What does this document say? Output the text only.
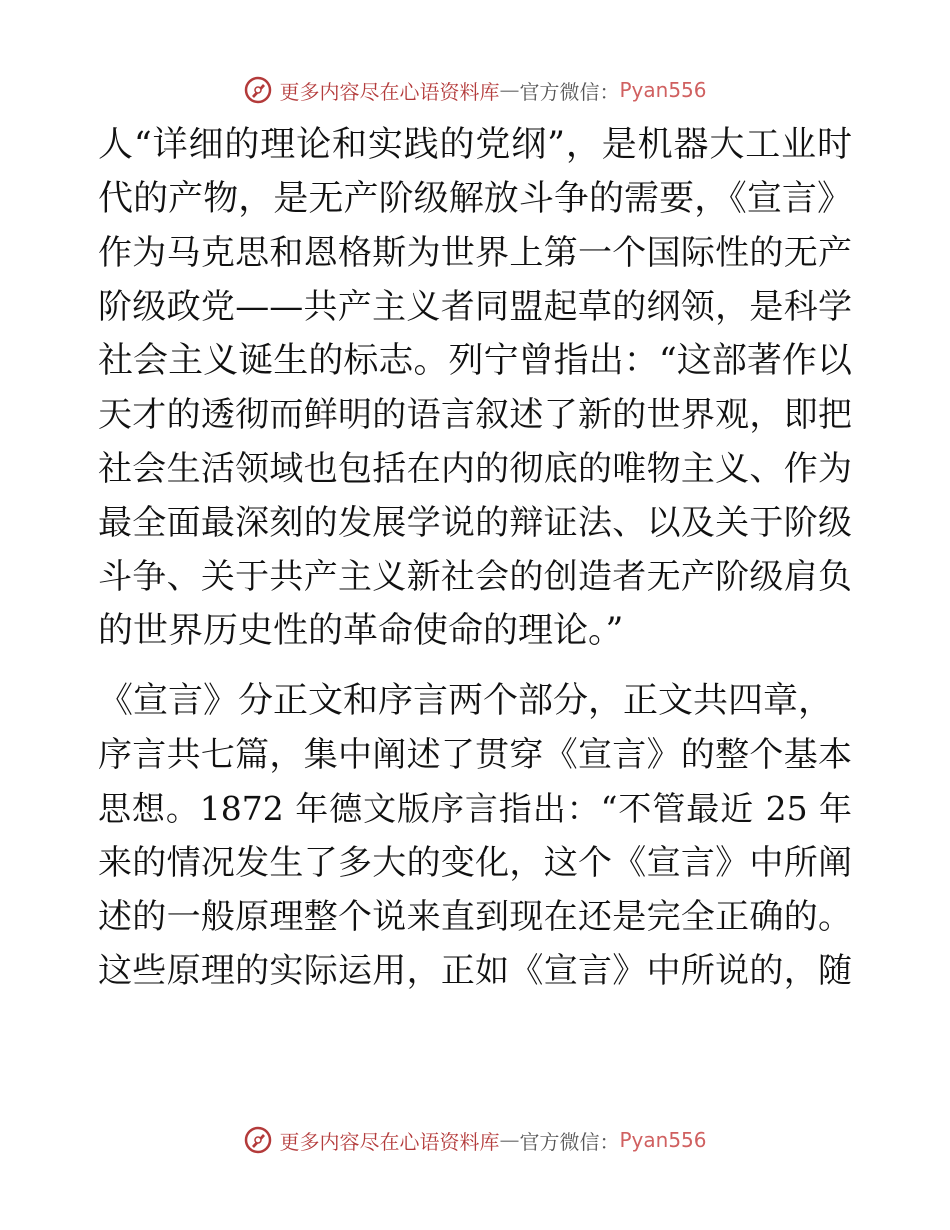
更多内容尽在心语资料库 — 官方微信： Pyan556
人“详细的理论和实践的党纲”，是机器大工业时
代的产物，是无产阶级解放斗争的需要，《宣言》
作为马克思和恩格斯为世界上第一个国际性的无产
阶级政党——共产主义者同盟起草的纲领，是科学
社会主义诞生的标志。列宁曾指出：“这部著作以
天才的透彻而鲜明的语言叙述了新的世界观，即把
社会生活领域也包括在内的彻底的唯物主义、作为
最全面最深刻的发展学说的辩证法、以及关于阶级
斗争、关于共产主义新社会的创造者无产阶级肩负
的世界历史性的革命使命的理论。”
《宣言》分正文和序言两个部分，正文共四章，
序言共七篇，集中阐述了贯穿《宣言》的整个基本
思想。1872 年德文版序言指出：“不管最近 25 年
来的情况发生了多大的变化，这个《宣言》中所阐
述的一般原理整个说来直到现在还是完全正确的。
这些原理的实际运用，正如《宣言》中所说的，随
更多内容尽在心语资料库 — 官方微信： Pyan556
